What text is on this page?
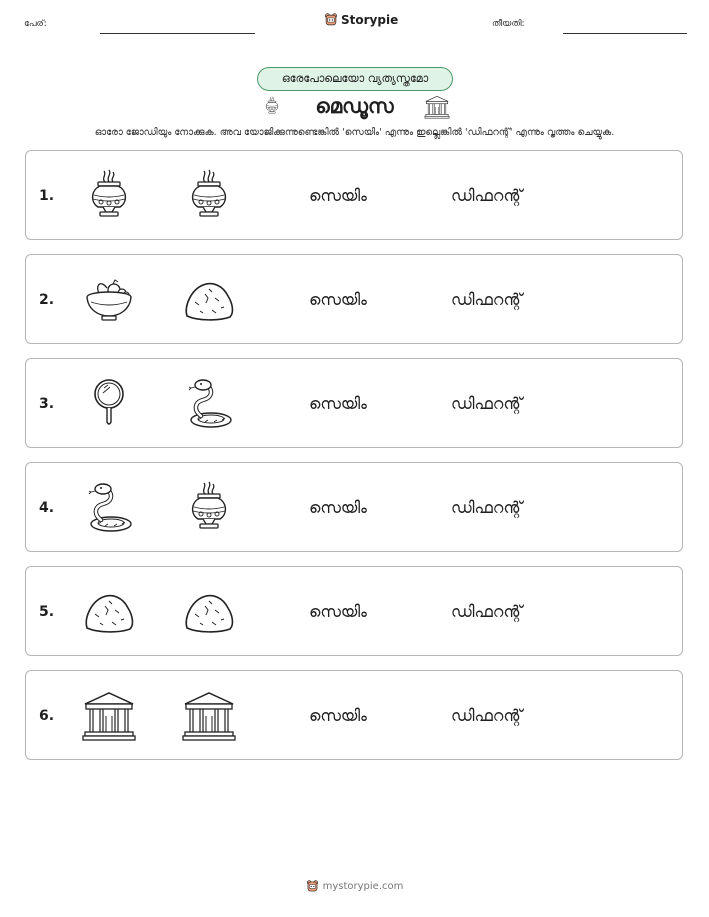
പേര്:	Storypie	തീയതി:
ഒരേപോലെയോ വ്യത്യസ്തമോ
മെഡൂസ
ഓരോ ജോഡിയും നോക്കുക. അവ യോജിക്കുന്നുണ്ടെങ്കിൽ 'സെയിം' എന്നും ഇല്ലെങ്കിൽ 'ഡിഫറന്റ്' എന്നും വൃത്തം ചെയ്യുക.
1.	സെയിം	ഡിഫറന്റ്
2.	സെയിം	ഡിഫറന്റ്
3.	സെയിം	ഡിഫറന്റ്
4.	സെയിം	ഡിഫറന്റ്
5.	സെയിം	ഡിഫറന്റ്
6.	സെയിം	ഡിഫറന്റ്
mystorypie.com
